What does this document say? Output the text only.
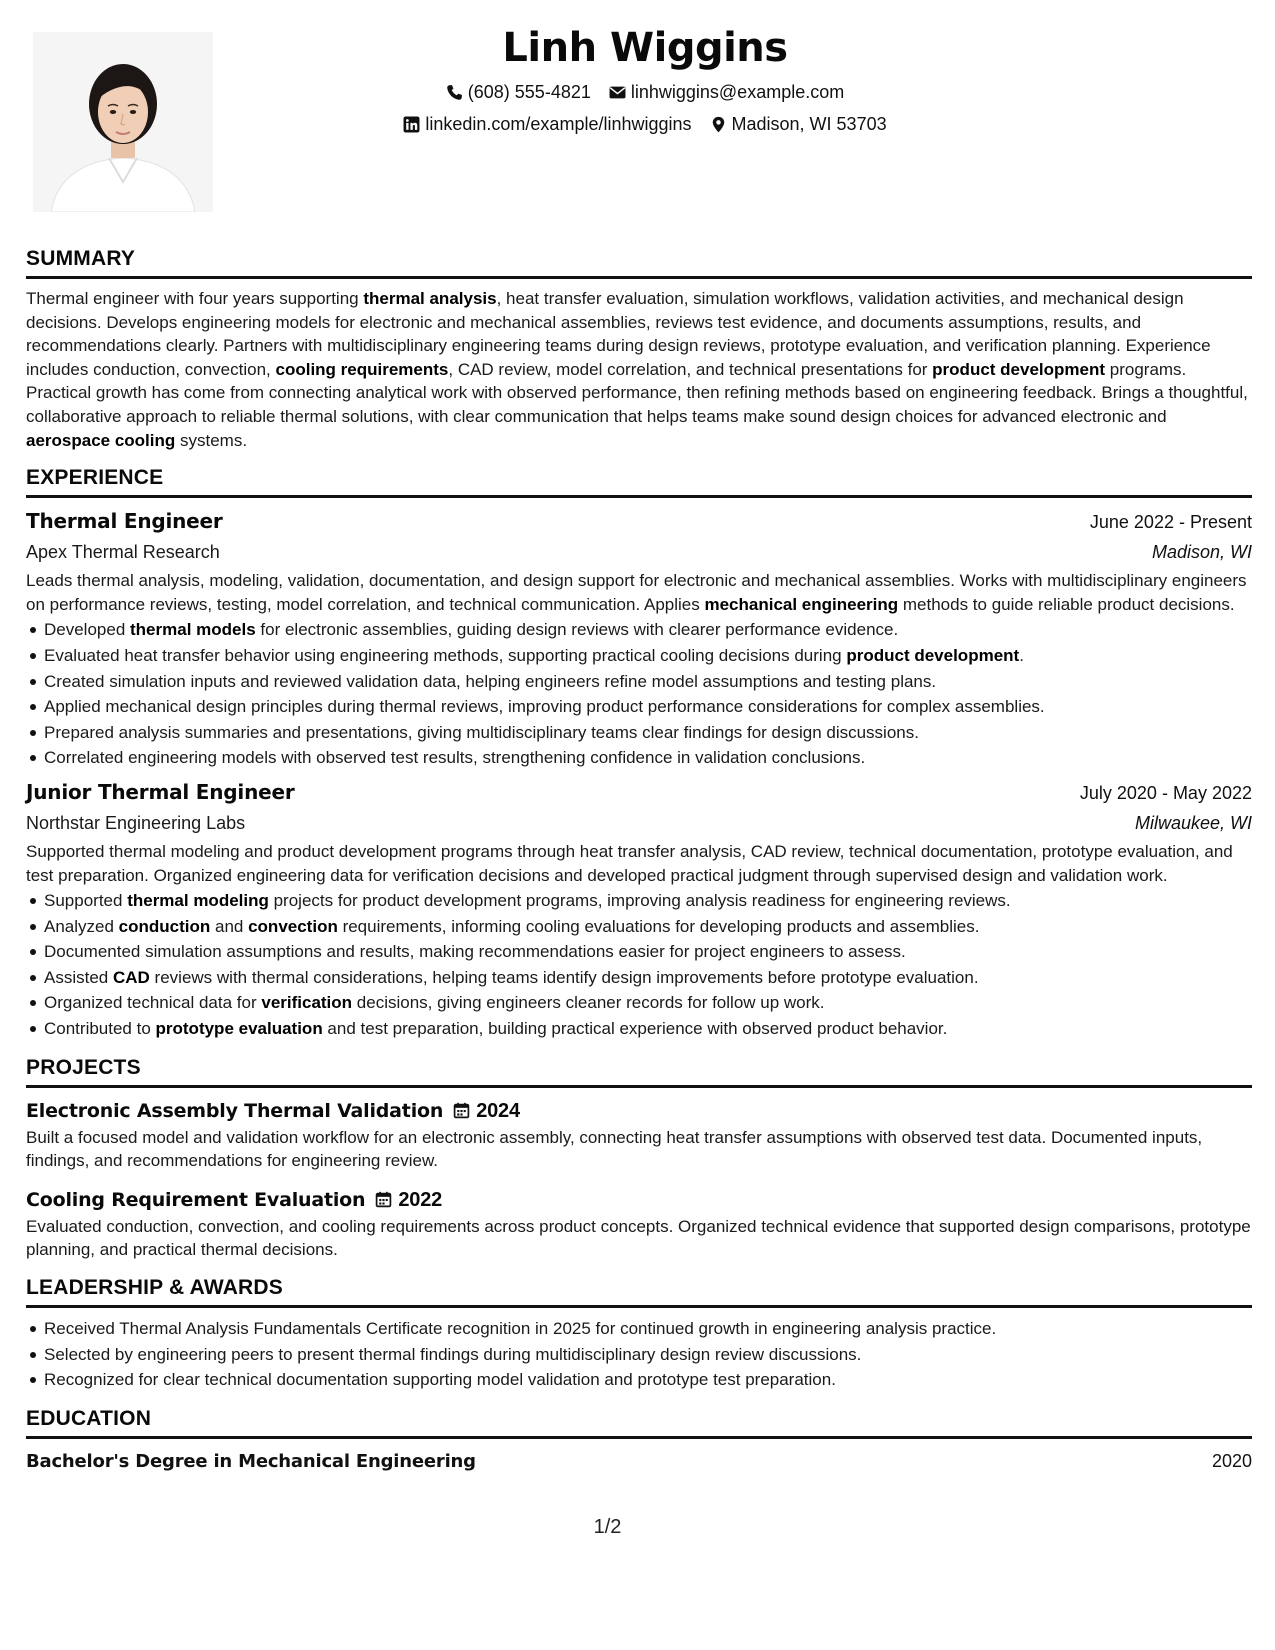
Linh Wiggins
(608) 555-4821 linhwiggins@example.com
linkedin.com/example/linhwiggins Madison, WI 53703
SUMMARY
Thermal engineer with four years supporting thermal analysis, heat transfer evaluation, simulation workflows, validation activities, and mechanical design decisions. Develops engineering models for electronic and mechanical assemblies, reviews test evidence, and documents assumptions, results, and recommendations clearly. Partners with multidisciplinary engineering teams during design reviews, prototype evaluation, and verification planning. Experience includes conduction, convection, cooling requirements, CAD review, model correlation, and technical presentations for product development programs. Practical growth has come from connecting analytical work with observed performance, then refining methods based on engineering feedback. Brings a thoughtful, collaborative approach to reliable thermal solutions, with clear communication that helps teams make sound design choices for advanced electronic and aerospace cooling systems.
EXPERIENCE
Thermal Engineer	June 2022 - Present
Apex Thermal Research	Madison, WI
Leads thermal analysis, modeling, validation, documentation, and design support for electronic and mechanical assemblies. Works with multidisciplinary engineers on performance reviews, testing, model correlation, and technical communication. Applies mechanical engineering methods to guide reliable product decisions.
Developed thermal models for electronic assemblies, guiding design reviews with clearer performance evidence.
Evaluated heat transfer behavior using engineering methods, supporting practical cooling decisions during product development.
Created simulation inputs and reviewed validation data, helping engineers refine model assumptions and testing plans.
Applied mechanical design principles during thermal reviews, improving product performance considerations for complex assemblies.
Prepared analysis summaries and presentations, giving multidisciplinary teams clear findings for design discussions.
Correlated engineering models with observed test results, strengthening confidence in validation conclusions.
Junior Thermal Engineer	July 2020 - May 2022
Northstar Engineering Labs	Milwaukee, WI
Supported thermal modeling and product development programs through heat transfer analysis, CAD review, technical documentation, prototype evaluation, and test preparation. Organized engineering data for verification decisions and developed practical judgment through supervised design and validation work.
Supported thermal modeling projects for product development programs, improving analysis readiness for engineering reviews.
Analyzed conduction and convection requirements, informing cooling evaluations for developing products and assemblies.
Documented simulation assumptions and results, making recommendations easier for project engineers to assess.
Assisted CAD reviews with thermal considerations, helping teams identify design improvements before prototype evaluation.
Organized technical data for verification decisions, giving engineers cleaner records for follow up work.
Contributed to prototype evaluation and test preparation, building practical experience with observed product behavior.
PROJECTS
Electronic Assembly Thermal Validation 2024
Built a focused model and validation workflow for an electronic assembly, connecting heat transfer assumptions with observed test data. Documented inputs, findings, and recommendations for engineering review.
Cooling Requirement Evaluation 2022
Evaluated conduction, convection, and cooling requirements across product concepts. Organized technical evidence that supported design comparisons, prototype planning, and practical thermal decisions.
LEADERSHIP & AWARDS
Received Thermal Analysis Fundamentals Certificate recognition in 2025 for continued growth in engineering analysis practice.
Selected by engineering peers to present thermal findings during multidisciplinary design review discussions.
Recognized for clear technical documentation supporting model validation and prototype test preparation.
EDUCATION
Bachelor's Degree in Mechanical Engineering	2020
1/2
